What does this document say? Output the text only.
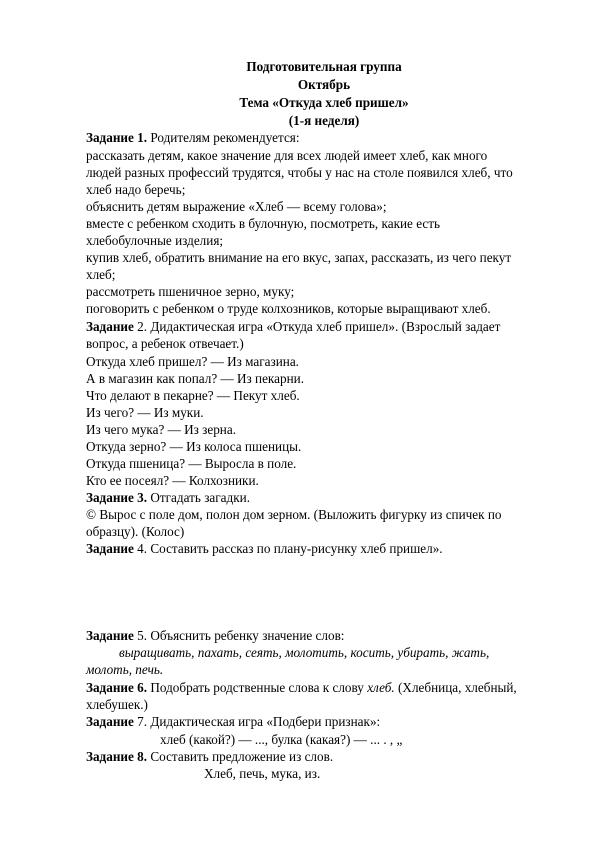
Подготовительная группа
Октябрь
Тема «Откуда хлеб пришел»
(1-я неделя)
Задание 1. Родителям рекомендуется:
рассказать детям, какое значение для всех людей имеет хлеб, как много
людей разных профессий трудятся, чтобы у нас на столе появился хлеб, что
хлеб надо беречь;
объяснить детям выражение «Хлеб — всему голова»;
вместе с ребенком сходить в булочную, посмотреть, какие есть
хлебобулочные изделия;
купив хлеб, обратить внимание на его вкус, запах, рассказать, из чего пекут
хлеб;
рассмотреть пшеничное зерно, муку;
поговорить с ребенком о труде колхозников, которые выращивают хлеб.
Задание 2. Дидактическая игра «Откуда хлеб пришел». (Взрослый задает
вопрос, а ребенок отвечает.)
Откуда хлеб пришел? — Из магазина.
А в магазин как попал? — Из пекарни.
Что делают в пекарне? — Пекут хлеб.
Из чего? — Из муки.
Из чего мука? — Из зерна.
Откуда зерно? — Из колоса пшеницы.
Откуда пшеница? — Выросла в поле.
Кто ее посеял? — Колхозники.
Задание 3. Отгадать загадки.
© Вырос с поле дом, полон дом зерном. (Выложить фигурку из спичек по
образцу). (Колос)
Задание 4. Составить рассказ по плану-рисунку хлеб пришел».
Задание 5. Объяснить ребенку значение слов:
выращивать, пахать, сеять, молотить, косить, убирать, жать,
молоть, печь.
Задание 6. Подобрать родственные слова к слову хлеб. (Хлебница, хлебный,
хлебушек.)
Задание 7. Дидактическая игра «Подбери признак»:
хлеб (какой?) — ..., булка (какая?) — ... . , „
Задание 8. Составить предложение из слов.
Хлеб, печь, мука, из.
